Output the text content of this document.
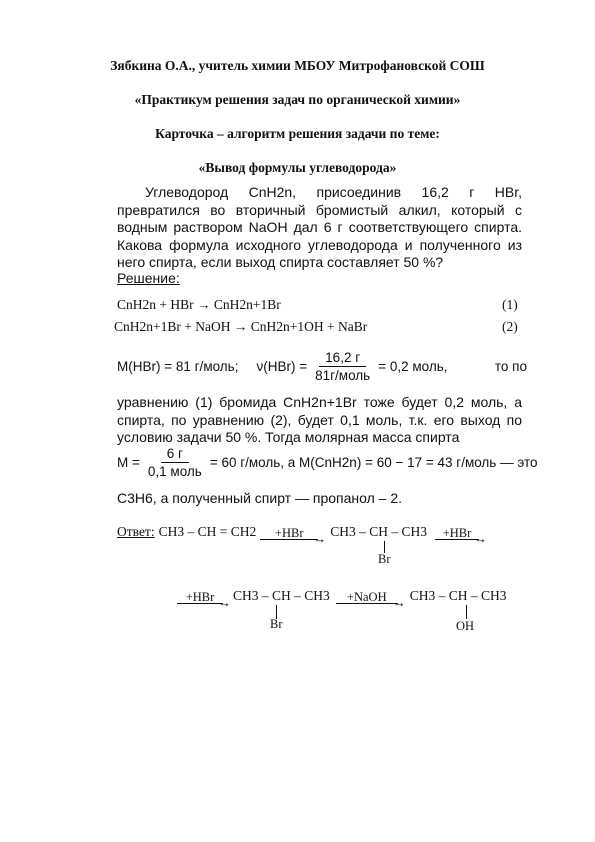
Зябкина О.А., учитель химии МБОУ Митрофановской СОШ
«Практикум решения задач по органической химии»
Карточка – алгоритм решения задачи по теме:
«Вывод формулы углеводорода»
Углеводород CnH2n, присоединив 16,2 г HBr, превратился во вторичный бромистый алкил, который с водным раствором NaOH дал 6 г соответствующего спирта. Какова формула исходного углеводорода и полученного из него спирта, если выход спирта составляет 50 %?
Решение:
CnH2n + HBr → CnH2n+1Br	(1)
CnH2n+1Br + NaOH → CnH2n+1OH + NaBr	(2)
M(HBr) = 81 г/моль; $\nu(HBr) = \frac{16,2 г}{\text{81г/моль}} = 0,2$ моль,	то по
уравнению (1) бромида CnH2n+1Br тоже будет 0,2 моль, а спирта, по уравнению (2), будет 0,1 моль, т.к. его выход по условию задачи 50 %. Тогда молярная масса спирта
$M = \frac{6 г}{\text{0,1 моль}} = 60$ г/моль, а M(CnH2n) = 60 − 17 = 43 г/моль — это
C3H6, а полученный спирт — пропанол – 2.
Ответ: CH3 – CH = CH2 +HBr
→ CH3 – CH – CH3 +HBr
→
Br
+HBr
→ CH3 – CH – CH3 +NaOH
→ CH3 – CH – CH3
Br	OH
